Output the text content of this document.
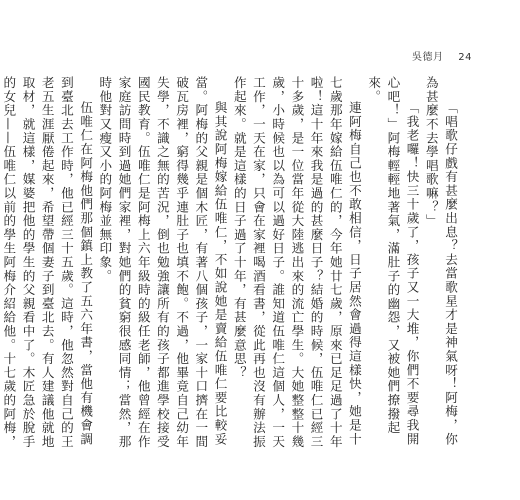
吳德月 24

「唱歌仔戲有甚麼出息？去當歌星才是神氣呀！阿梅，你為甚麼不去學唱歌嘛？」

「我老囉！快三十歲了，孩子又一大堆，你們不要尋我開心吧！」阿梅輕輕地著氣，滿肚子的幽怨，又被她們撩撥起來。

連阿梅自己也不敢相信，日子居然會過得這樣快，她是十七歲那年嫁給伍唯仁的，今年她廿七歲，原來已足足過了十年啦！這十年來我是過的甚麼日子？結婚的時候，伍唯仁已經三十多歲，是一位當年從大陸逃出來的流亡學生。大她整整十幾歲，小時候也以為可以過好日子。誰知道伍唯仁這個人，一天工作，一天在家，只會在家裡喝酒看書，從此再也沒有辦法振作起來。就是這樣的日子過了十年，有甚麼意思？

與其說阿梅嫁給伍唯仁，不如說她是賣給伍唯仁要比較妥當。阿梅的父親是個木匠，有著八個孩子，一家十口擠在一間破瓦房裡，窮得幾乎連肚子也填不飽。不過，他畢竟自己幼年失學，不識之無的苦況，倒也勉強讓所有的孩子都進學校接受國民教育。伍唯仁是阿梅上六年級時的級任老師，他曾經在作家庭訪問時到過她們家裡，對她們的貧窮很感同情；當然，那時他對又瘦又小的阿梅並無印象。

伍唯仁在阿梅他們那個鎮上教了五六年書，當他有機會調到臺北去工作時，他已經三十五歲。這時，他忽然對自己的王老五生涯厭倦起來，希望帶個妻子到臺北去。有人建議他就地取材，就這樣，媒婆把他的學生的父親看中了。木匠急於脫手的女兒——伍唯仁以前的學生阿梅介紹給他。十七歲的阿梅，
